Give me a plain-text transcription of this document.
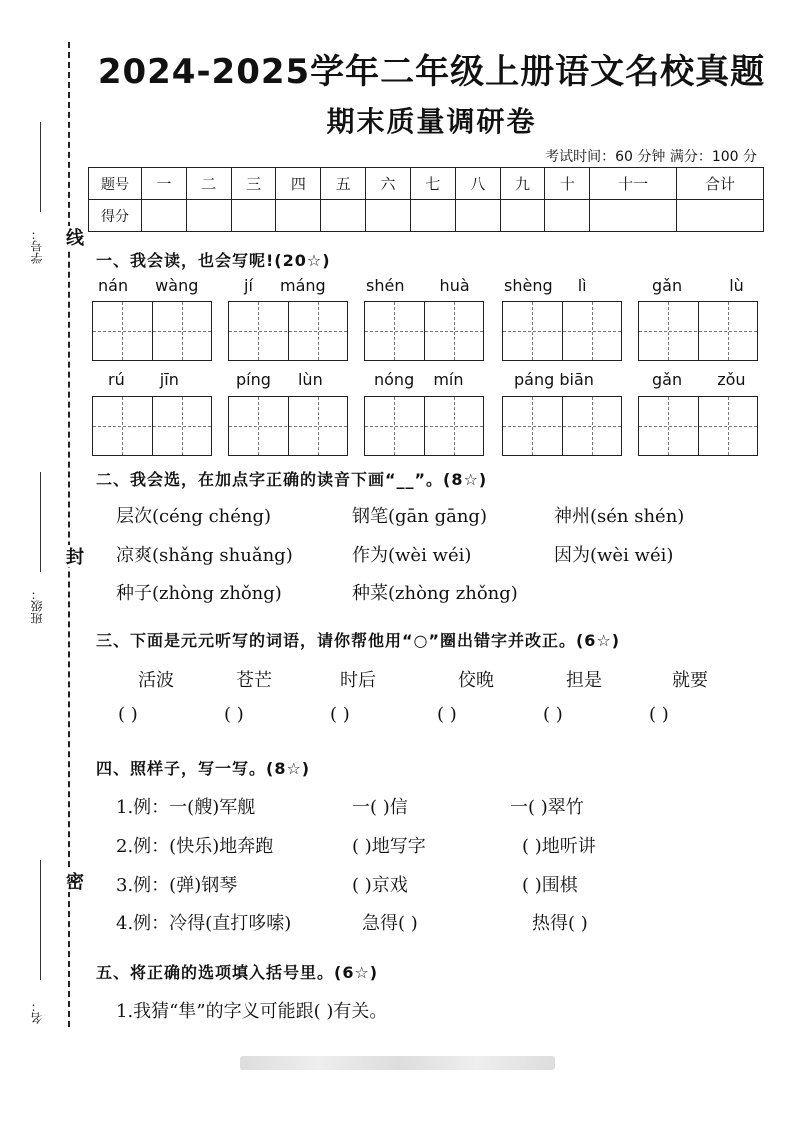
学号：
班级：
名：
线
封
密
2024-2025学年二年级上册语文名校真题
期末质量调研卷
考试时间：60 分钟 满分：100 分
题号	一	二	三	四	五	六	七	八	九	十	十一	合计
得分												
一、我会读，也会写呢!(20☆)
nán wàng	jí máng	shén huà	shèng lì	gǎn lù
rú jīn	píng lùn	nóng mín	páng biān	gǎn zǒu
二、我会选，在加点字正确的读音下画“__”。(8☆)
层次(céng chéng)	钢笔(gān gāng)	神州(sén shén)
凉爽(shǎng shuǎng)	作为(wèi wéi)	因为(wèi wéi)
种子(zhòng zhǒng)	种菜(zhòng zhǒng)
三、下面是元元听写的词语，请你帮他用“○”圈出错字并改正。(6☆)
活波	苍芒	时后	佼晚	担是	就要
( )	( )	( )	( )	( )	( )
四、照样子，写一写。(8☆)
1.例：一(艘)军舰	一( )信	一( )翠竹
2.例：(快乐)地奔跑	( )地写字	( )地听讲
3.例：(弹)钢琴	( )京戏	( )围棋
4.例：冷得(直打哆嗦)	急得( )	热得( )
五、将正确的选项填入括号里。(6☆)
1.我猜“隼”的字义可能跟( )有关。
